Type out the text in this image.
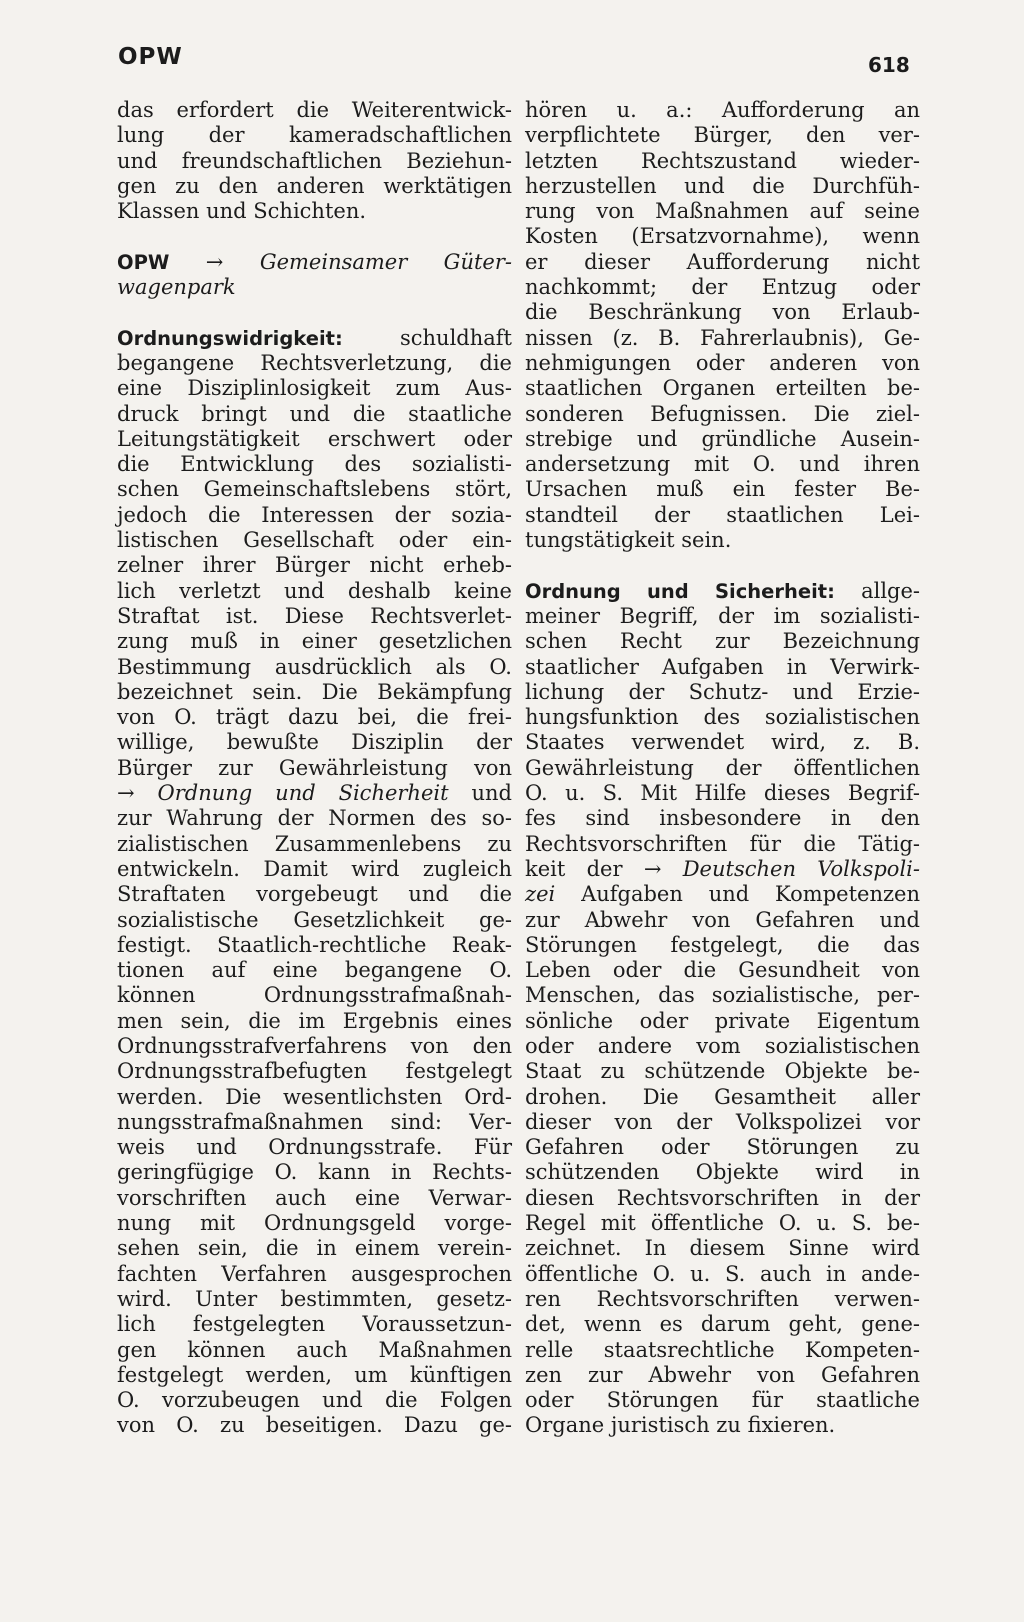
OPW	618
das erfordert die Weiterentwick-
lung der kameradschaftlichen
und freundschaftlichen Beziehun-
gen zu den anderen werktätigen
Klassen und Schichten.
OPW → Gemeinsamer Güter-
wagenpark
Ordnungswidrigkeit:	schuldhaft
begangene Rechtsverletzung, die
eine Disziplinlosigkeit zum Aus-
druck bringt und die staatliche
Leitungstätigkeit erschwert oder
die Entwicklung des sozialisti-
schen Gemeinschaftslebens stört,
jedoch die Interessen der sozia-
listischen Gesellschaft oder ein-
zelner ihrer Bürger nicht erheb-
lich verletzt und deshalb keine
Straftat ist. Diese Rechtsverlet-
zung muß in einer gesetzlichen
Bestimmung ausdrücklich als O.
bezeichnet sein. Die Bekämpfung
von O. trägt dazu bei, die frei-
willige, bewußte Disziplin der
Bürger zur Gewährleistung von
→ Ordnung und Sicherheit und
zur Wahrung der Normen des so-
zialistischen Zusammenlebens zu
entwickeln. Damit wird zugleich
Straftaten vorgebeugt und die
sozialistische Gesetzlichkeit ge-
festigt. Staatlich-rechtliche Reak-
tionen auf eine begangene O.
können Ordnungsstrafmaßnah-
men sein, die im Ergebnis eines
Ordnungsstrafverfahrens von den
Ordnungsstrafbefugten festgelegt
werden. Die wesentlichsten Ord-
nungsstrafmaßnahmen sind: Ver-
weis und Ordnungsstrafe. Für
geringfügige O. kann in Rechts-
vorschriften auch eine Verwar-
nung mit Ordnungsgeld vorge-
sehen sein, die in einem verein-
fachten Verfahren ausgesprochen
wird. Unter bestimmten, gesetz-
lich festgelegten Voraussetzun-
gen können auch Maßnahmen
festgelegt werden, um künftigen
O. vorzubeugen und die Folgen
von O. zu beseitigen. Dazu ge-
hören u. a.: Aufforderung an
verpflichtete Bürger, den ver-
letzten Rechtszustand wieder-
herzustellen und die Durchfüh-
rung von Maßnahmen auf seine
Kosten (Ersatzvornahme), wenn
er dieser Aufforderung nicht
nachkommt; der Entzug oder
die Beschränkung von Erlaub-
nissen (z. B. Fahrerlaubnis), Ge-
nehmigungen oder anderen von
staatlichen Organen erteilten be-
sonderen Befugnissen. Die ziel-
strebige und gründliche Ausein-
andersetzung mit O. und ihren
Ursachen muß ein fester Be-
standteil der staatlichen Lei-
tungstätigkeit sein.
Ordnung und Sicherheit: allge-
meiner Begriff, der im sozialisti-
schen Recht zur Bezeichnung
staatlicher Aufgaben in Verwirk-
lichung der Schutz- und Erzie-
hungsfunktion des sozialistischen
Staates verwendet wird, z. B.
Gewährleistung der öffentlichen
O. u. S. Mit Hilfe dieses Begrif-
fes sind insbesondere in den
Rechtsvorschriften für die Tätig-
keit der → Deutschen Volkspoli-
zei Aufgaben und Kompetenzen
zur Abwehr von Gefahren und
Störungen festgelegt, die das
Leben oder die Gesundheit von
Menschen, das sozialistische, per-
sönliche oder private Eigentum
oder andere vom sozialistischen
Staat zu schützende Objekte be-
drohen. Die Gesamtheit aller
dieser von der Volkspolizei vor
Gefahren oder Störungen zu
schützenden Objekte wird in
diesen Rechtsvorschriften in der
Regel mit öffentliche O. u. S. be-
zeichnet. In diesem Sinne wird
öffentliche O. u. S. auch in ande-
ren Rechtsvorschriften verwen-
det, wenn es darum geht, gene-
relle staatsrechtliche Kompeten-
zen zur Abwehr von Gefahren
oder Störungen für staatliche
Organe juristisch zu fixieren.
